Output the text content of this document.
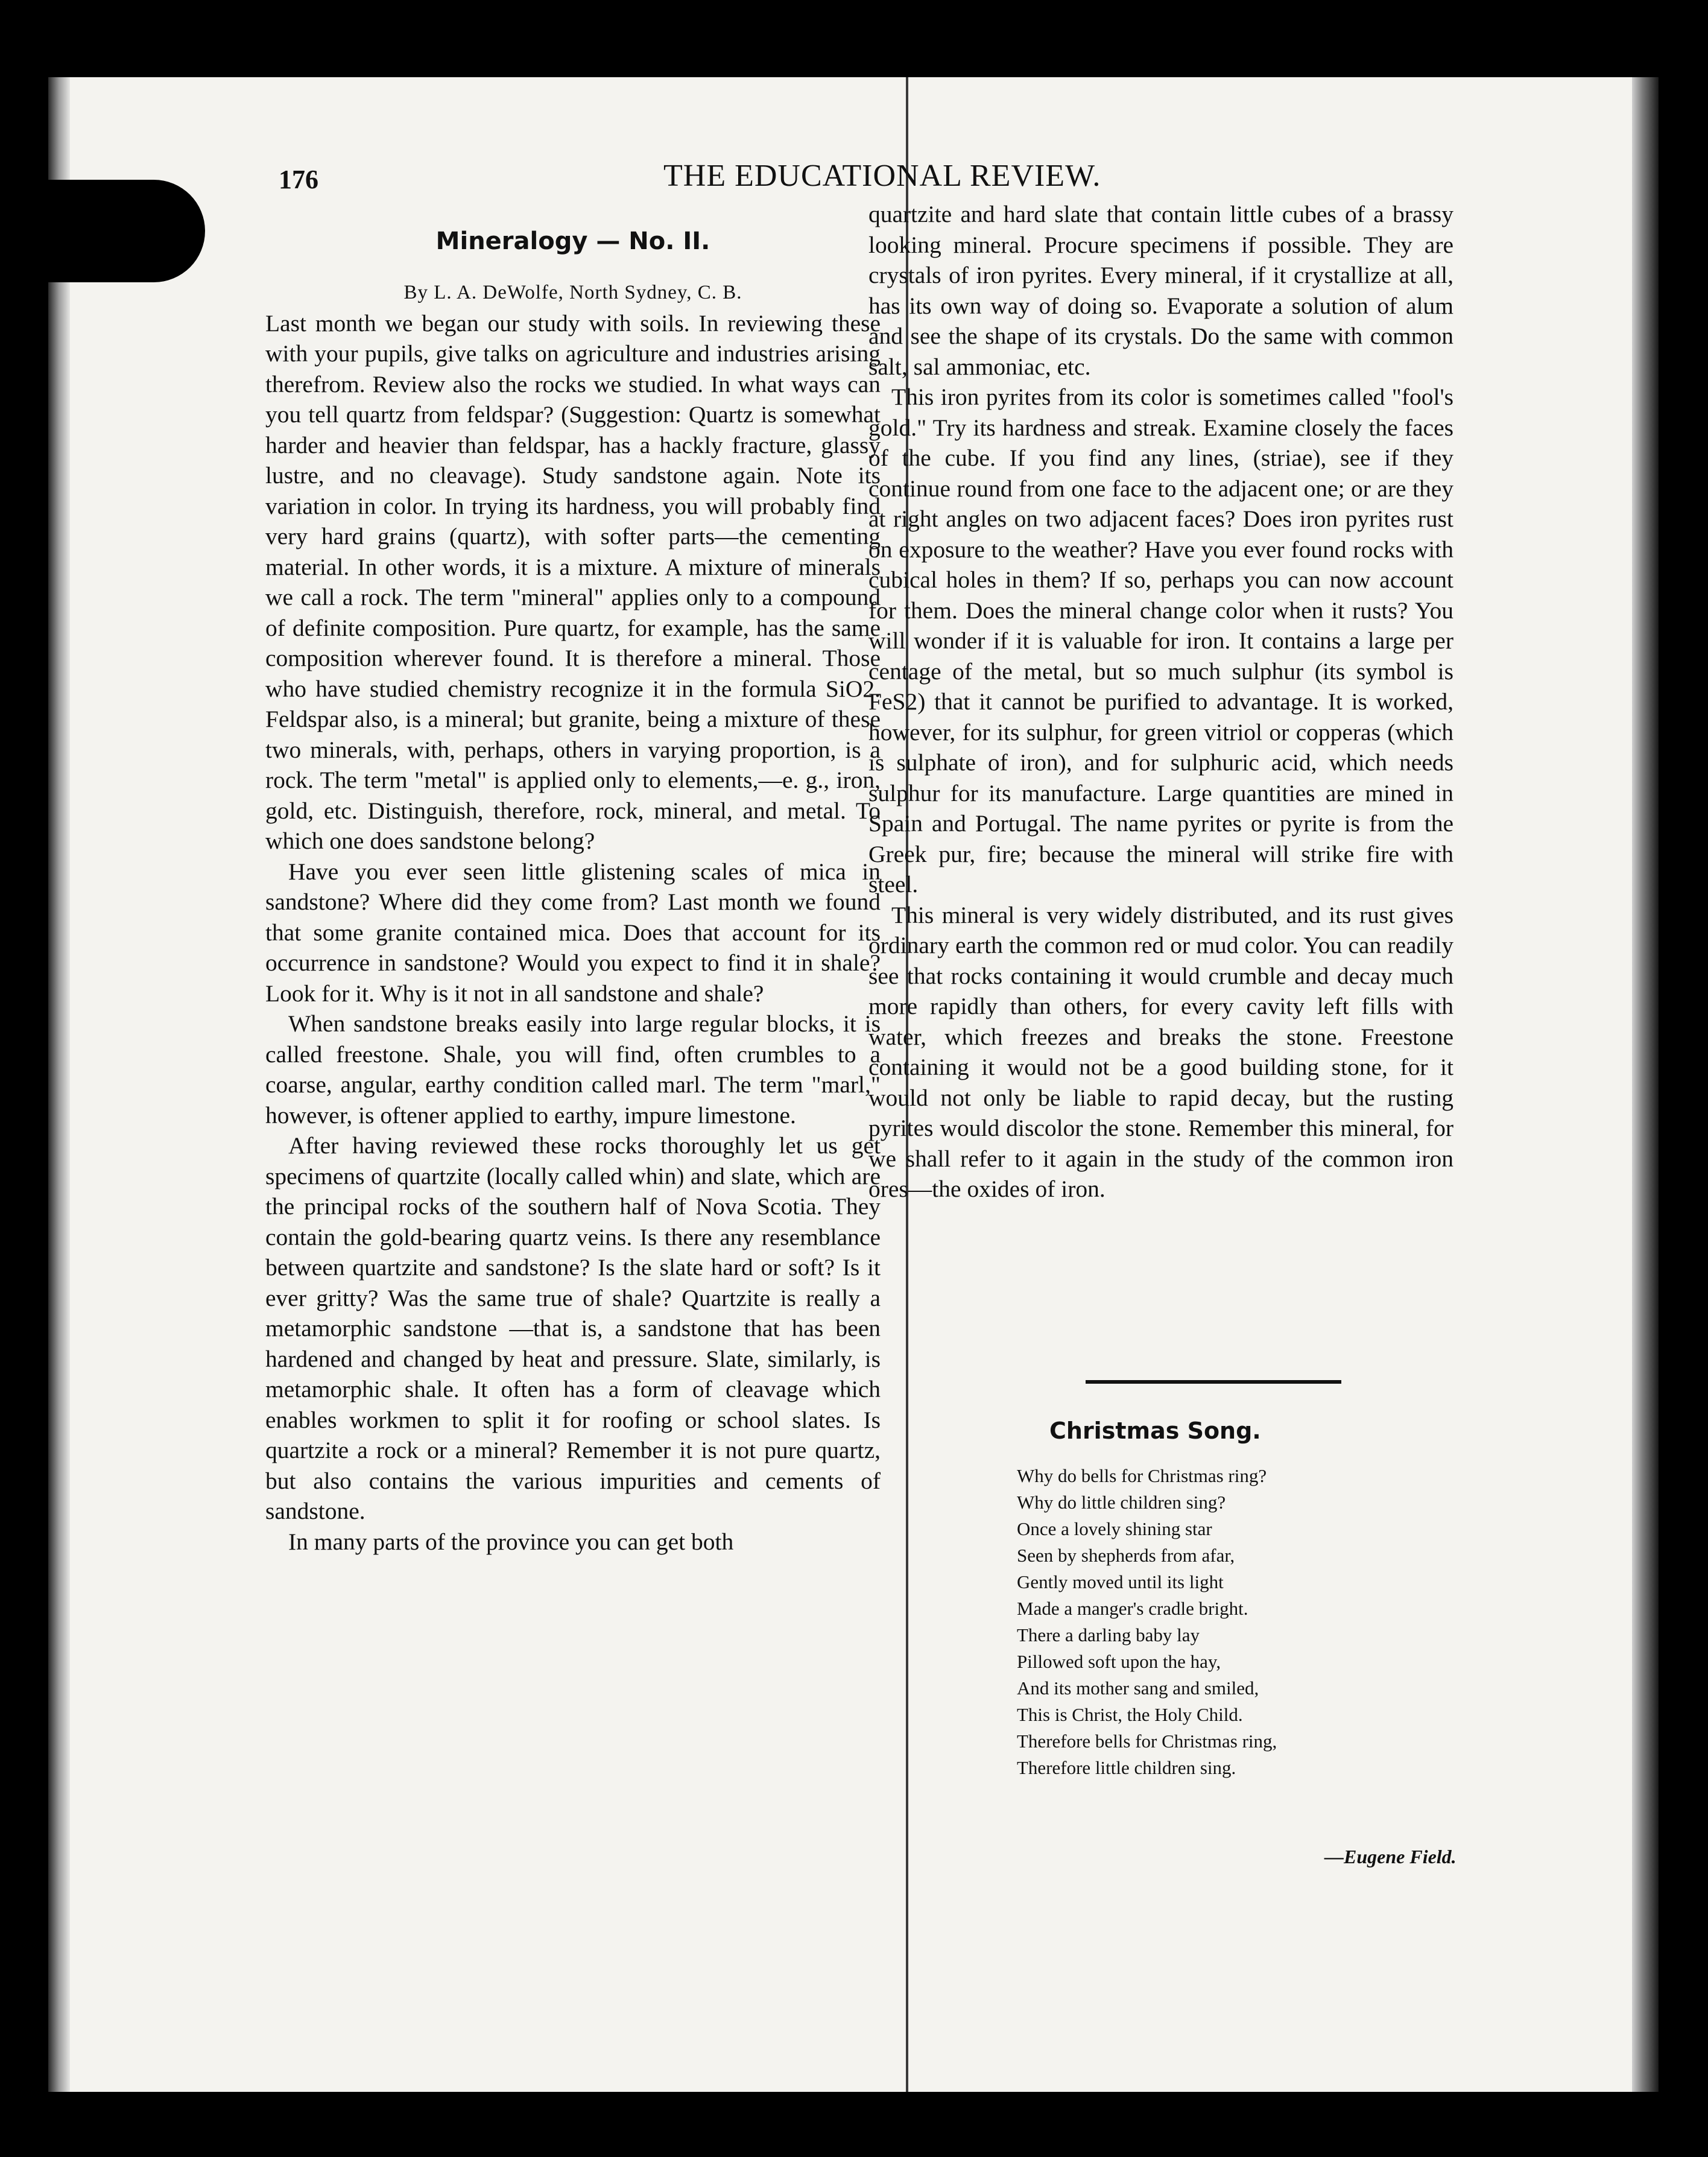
176	THE EDUCATIONAL REVIEW.
Mineralogy — No. II.

By L. A. DeWolfe, North Sydney, C. B.

Last month we began our study with soils. In reviewing these with your pupils, give talks on agriculture and industries arising therefrom. Review also the rocks we studied. In what ways can you tell quartz from feldspar? (Suggestion: Quartz is somewhat harder and heavier than feldspar, has a hackly fracture, glassy lustre, and no cleavage). Study sandstone again. Note its variation in color. In trying its hardness, you will probably find very hard grains (quartz), with softer parts—the cementing material. In other words, it is a mixture. A mixture of minerals we call a rock. The term "mineral" applies only to a compound of definite composition. Pure quartz, for example, has the same composition wherever found. It is therefore a mineral. Those who have studied chemistry recognize it in the formula SiO2. Feldspar also, is a mineral; but granite, being a mixture of these two minerals, with, perhaps, others in varying proportion, is a rock. The term "metal" is applied only to elements,—e. g., iron, gold, etc. Distinguish, therefore, rock, mineral, and metal. To which one does sandstone belong?

Have you ever seen little glistening scales of mica in sandstone? Where did they come from? Last month we found that some granite contained mica. Does that account for its occurrence in sandstone? Would you expect to find it in shale? Look for it. Why is it not in all sandstone and shale?

When sandstone breaks easily into large regular blocks, it is called freestone. Shale, you will find, often crumbles to a coarse, angular, earthy condition called marl. The term "marl," however, is oftener applied to earthy, impure limestone.

After having reviewed these rocks thoroughly let us get specimens of quartzite (locally called whin) and slate, which are the principal rocks of the southern half of Nova Scotia. They contain the gold-bearing quartz veins. Is there any resemblance between quartzite and sandstone? Is the slate hard or soft? Is it ever gritty? Was the same true of shale? Quartzite is really a metamorphic sandstone —that is, a sandstone that has been hardened and changed by heat and pressure. Slate, similarly, is metamorphic shale. It often has a form of cleavage which enables workmen to split it for roofing or school slates. Is quartzite a rock or a mineral? Remember it is not pure quartz, but also contains the various impurities and cements of sandstone.

In many parts of the province you can get both

quartzite and hard slate that contain little cubes of a brassy looking mineral. Procure specimens if possible. They are crystals of iron pyrites. Every mineral, if it crystallize at all, has its own way of doing so. Evaporate a solution of alum and see the shape of its crystals. Do the same with common salt, sal ammoniac, etc.

This iron pyrites from its color is sometimes called "fool's gold." Try its hardness and streak. Examine closely the faces of the cube. If you find any lines, (striae), see if they continue round from one face to the adjacent one; or are they at right angles on two adjacent faces? Does iron pyrites rust on exposure to the weather? Have you ever found rocks with cubical holes in them? If so, perhaps you can now account for them. Does the mineral change color when it rusts? You will wonder if it is valuable for iron. It contains a large per centage of the metal, but so much sulphur (its symbol is FeS2) that it cannot be purified to advantage. It is worked, however, for its sulphur, for green vitriol or copperas (which is sulphate of iron), and for sulphuric acid, which needs sulphur for its manufacture. Large quantities are mined in Spain and Portugal. The name pyrites or pyrite is from the Greek pur, fire; because the mineral will strike fire with steel.

This mineral is very widely distributed, and its rust gives ordinary earth the common red or mud color. You can readily see that rocks containing it would crumble and decay much more rapidly than others, for every cavity left fills with water, which freezes and breaks the stone. Freestone containing it would not be a good building stone, for it would not only be liable to rapid decay, but the rusting pyrites would discolor the stone. Remember this mineral, for we shall refer to it again in the study of the common iron ores—the oxides of iron.

Christmas Song.
Why do bells for Christmas ring?
Why do little children sing?
Once a lovely shining star
Seen by shepherds from afar,
Gently moved until its light
Made a manger's cradle bright.
There a darling baby lay
Pillowed soft upon the hay,
And its mother sang and smiled,
This is Christ, the Holy Child.
Therefore bells for Christmas ring,
Therefore little children sing.
—Eugene Field.
